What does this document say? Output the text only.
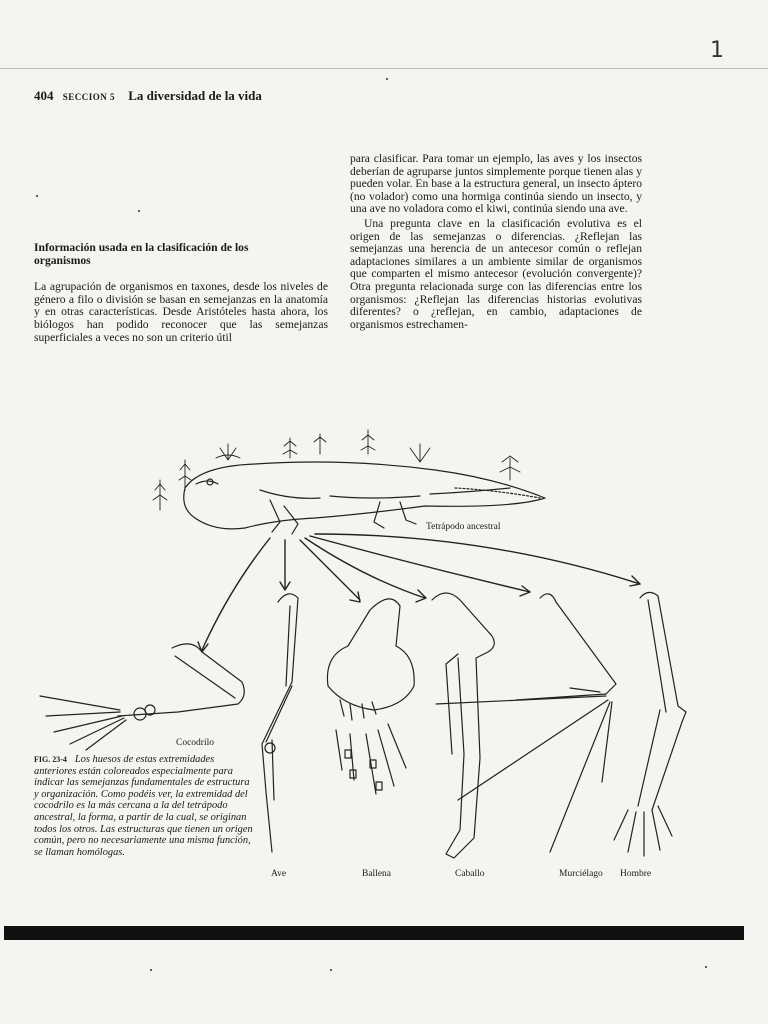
1
404 SECCION 5 La diversidad de la vida
Información usada en la clasificación de los organismos

La agrupación de organismos en taxones, desde los niveles de género a filo o división se basan en semejanzas en la anatomía y en otras características. Desde Aristóteles hasta ahora, los biólogos han podido reconocer que las semejanzas superficiales a veces no son un criterio útil

para clasificar. Para tomar un ejemplo, las aves y los insectos deberían de agruparse juntos simplemente porque tienen alas y pueden volar. En base a la estructura general, un insecto áptero (no volador) como una hormiga continúa siendo un insecto, y una ave no voladora como el kiwi, continúa siendo una ave.

Una pregunta clave en la clasificación evolutiva es el origen de las semejanzas o diferencias. ¿Reflejan las semejanzas una herencia de un antecesor común o reflejan adaptaciones similares a un ambiente similar de organismos que comparten el mismo antecesor (evolución convergente)? Otra pregunta relacionada surge con las diferencias entre los organismos: ¿Reflejan las diferencias historias evolutivas diferentes? o ¿reflejan, en cambio, adaptaciones de organismos estrechamen-

Tetrápodo ancestral
Cocodrilo
Ave	Ballena	Caballo	Murciélago Hombre
FIG. 23-4 Los huesos de estas extremidades anteriores están coloreados especialmente para indicar las semejanzas fundamentales de estructura y organización. Como podéis ver, la extremidad del cocodrilo es la más cercana a la del tetrápodo ancestral, la forma, a partir de la cual, se originan todos los otros. Las estructuras que tienen un origen común, pero no necesariamente una misma función, se llaman homólogas.
